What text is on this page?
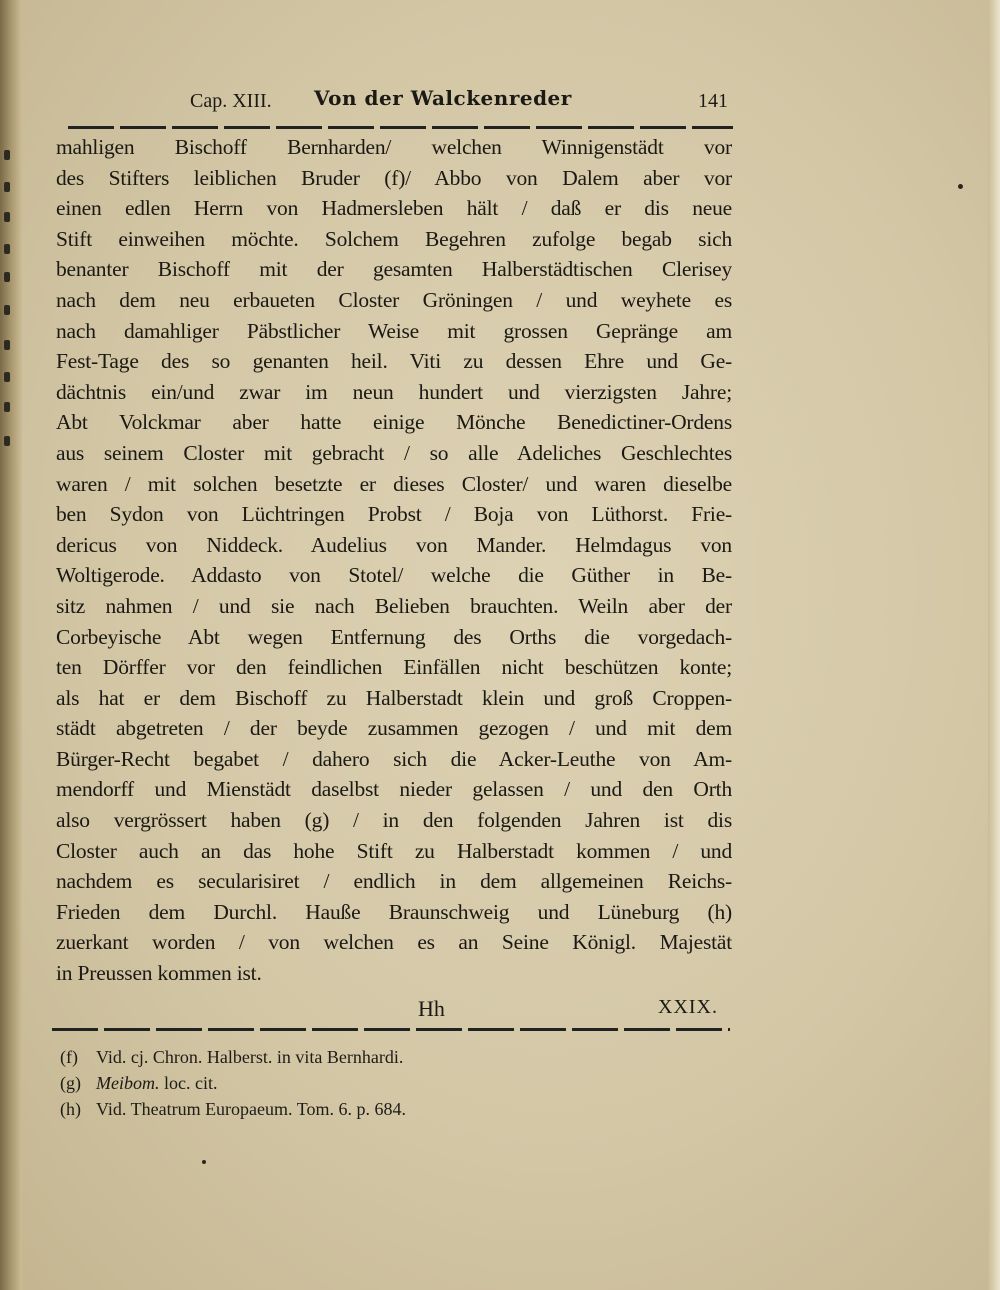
Cap. XIII. Von der Walckenreder	141
mahligen Bischoff Bernharden/ welchen Winnigenstädt vor
des Stifters leiblichen Bruder (f)/ Abbo von Dalem aber vor
einen edlen Herrn von Hadmersleben hält / daß er dis neue
Stift einweihen möchte. Solchem Begehren zufolge begab sich
benanter Bischoff mit der gesamten Halberstädtischen Clerisey
nach dem neu erbaueten Closter Gröningen / und weyhete es
nach damahliger Päbstlicher Weise mit grossen Gepränge am
Fest-Tage des so genanten heil. Viti zu dessen Ehre und Ge-
dächtnis ein/und zwar im neun hundert und vierzigsten Jahre;
Abt Volckmar aber hatte einige Mönche Benedictiner-Ordens
aus seinem Closter mit gebracht / so alle Adeliches Geschlechtes
waren / mit solchen besetzte er dieses Closter/ und waren dieselbe
ben Sydon von Lüchtringen Probst / Boja von Lüthorst. Frie-
dericus von Niddeck. Audelius von Mander. Helmdagus von
Woltigerode. Addasto von Stotel/ welche die Güther in Be-
sitz nahmen / und sie nach Belieben brauchten. Weiln aber der
Corbeyische Abt wegen Entfernung des Orths die vorgedach-
ten Dörffer vor den feindlichen Einfällen nicht beschützen konte;
als hat er dem Bischoff zu Halberstadt klein und groß Croppen-
städt abgetreten / der beyde zusammen gezogen / und mit dem
Bürger-Recht begabet / dahero sich die Acker-Leuthe von Am-
mendorff und Mienstädt daselbst nieder gelassen / und den Orth
also vergrössert haben (g) / in den folgenden Jahren ist dis
Closter auch an das hohe Stift zu Halberstadt kommen / und
nachdem es secularisiret / endlich in dem allgemeinen Reichs-
Frieden dem Durchl. Hauße Braunschweig und Lüneburg (h)
zuerkant worden / von welchen es an Seine Königl. Majestät
in Preussen kommen ist.
Hh	XXIX.
(f) Vid. cj. Chron. Halberst. in vita Bernhardi.
(g) Meibom. loc. cit.
(h) Vid. Theatrum Europaeum. Tom. 6. p. 684.
